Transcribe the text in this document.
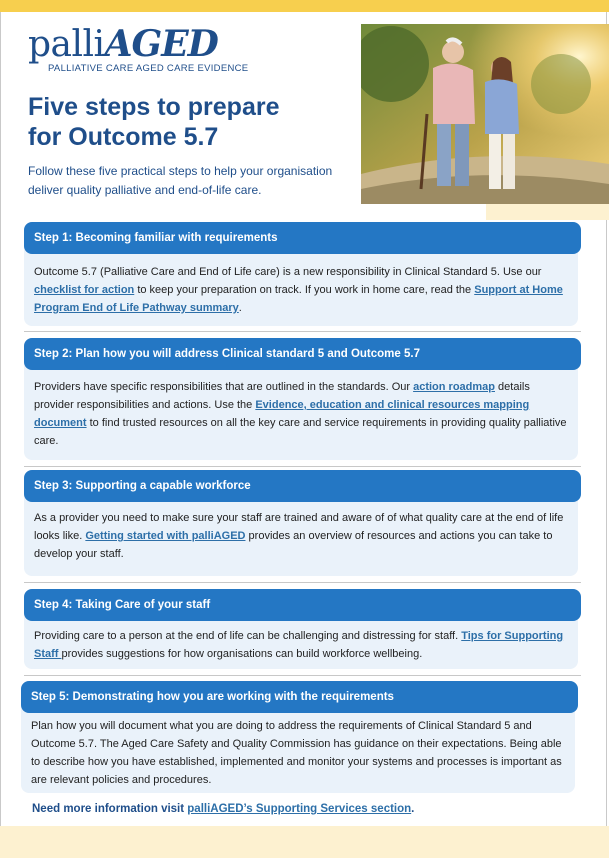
palliAGED
PALLIATIVE CARE AGED CARE EVIDENCE
Five steps to prepare
for Outcome 5.7

Follow these five practical steps to help your organisation deliver quality palliative and end-of-life care.

Step 1: Becoming familiar with requirements

Outcome 5.7 (Palliative Care and End of Life care) is a new responsibility in Clinical Standard 5. Use our checklist for action to keep your preparation on track. If you work in home care, read the Support at Home Program End of Life Pathway summary.

Step 2: Plan how you will address Clinical standard 5 and Outcome 5.7

Providers have specific responsibilities that are outlined in the standards. Our action roadmap details provider responsibilities and actions. Use the Evidence, education and clinical resources mapping document to find trusted resources on all the key care and service requirements in providing quality palliative care.

Step 3: Supporting a capable workforce

As a provider you need to make sure your staff are trained and aware of of what quality care at the end of life looks like. Getting started with palliAGED provides an overview of resources and actions you can take to develop your staff.

Step 4: Taking Care of your staff

Providing care to a person at the end of life can be challenging and distressing for staff. Tips for Supporting Staff provides suggestions for how organisations can build workforce wellbeing.

Step 5: Demonstrating how you are working with the requirements

Plan how you will document what you are doing to address the requirements of Clinical Standard 5 and Outcome 5.7. The Aged Care Safety and Quality Commission has guidance on their expectations. Being able to describe how you have established, implemented and monitor your systems and processes is important as are relevant policies and procedures.

Need more information visit palliAGED’s Supporting Services section.
